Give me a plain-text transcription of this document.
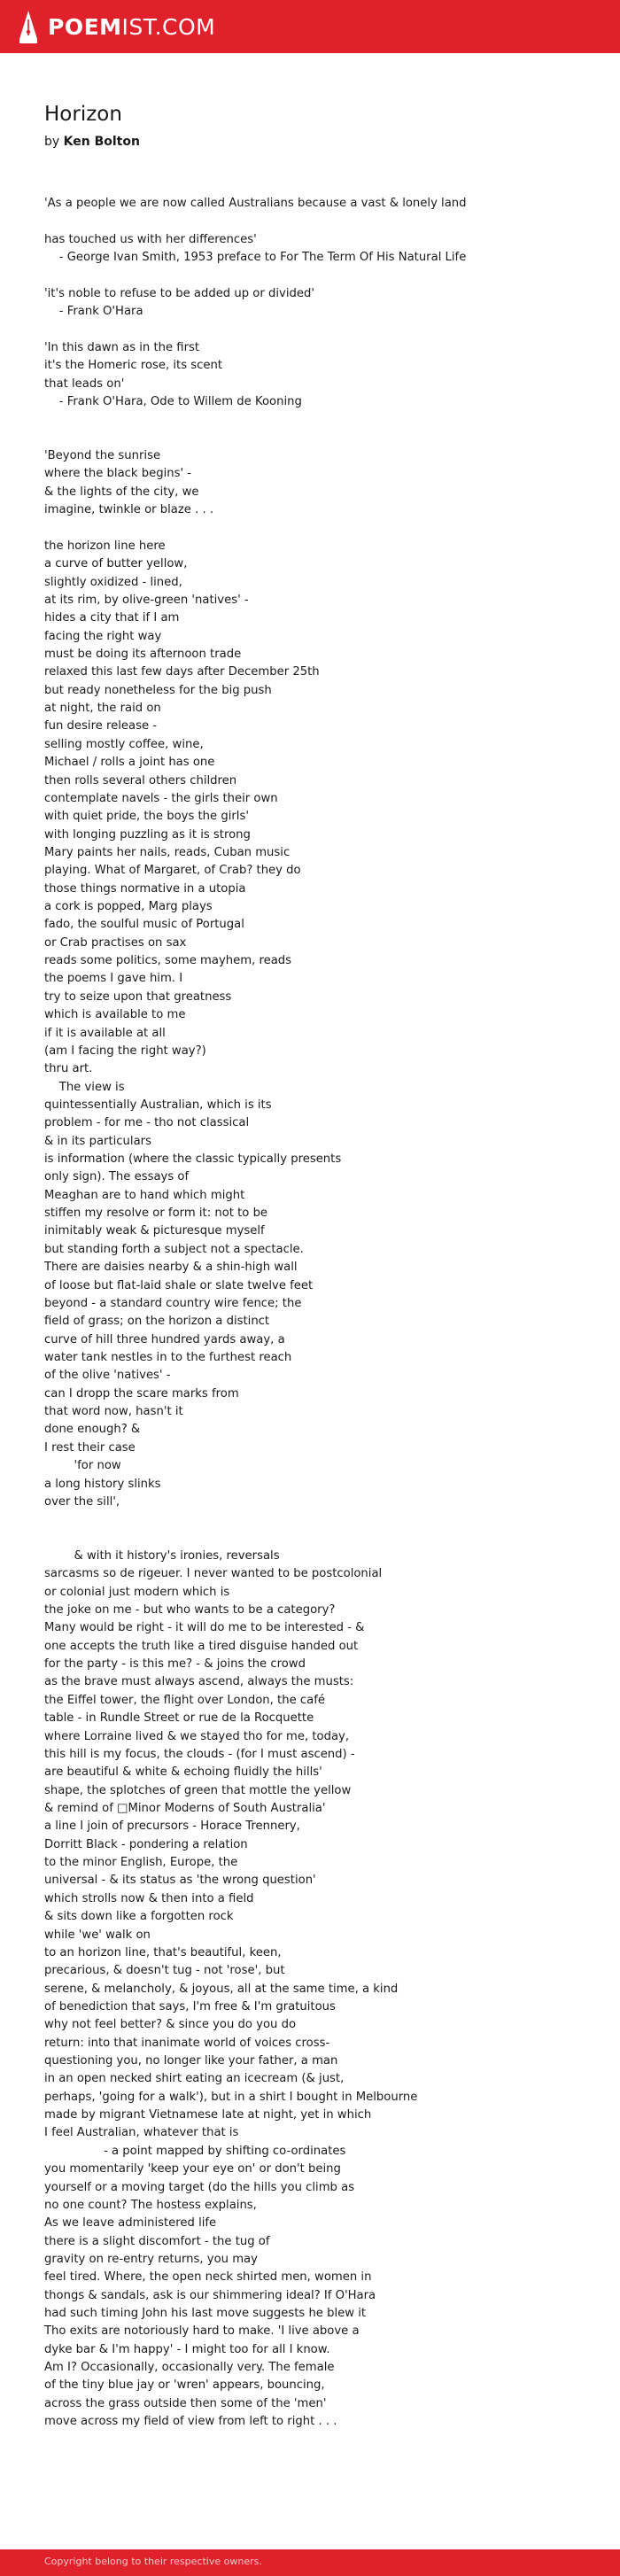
POEMIST.COM
Horizon
by Ken Bolton
'As a people we are now called Australians because a vast & lonely land
has touched us with her differences'
- George Ivan Smith, 1953 preface to For The Term Of His Natural Life
'it's noble to refuse to be added up or divided'
- Frank O'Hara
'In this dawn as in the first
it's the Homeric rose, its scent
that leads on'
- Frank O'Hara, Ode to Willem de Kooning
'Beyond the sunrise
where the black begins' -
& the lights of the city, we
imagine, twinkle or blaze . . .
the horizon line here
a curve of butter yellow,
slightly oxidized - lined,
at its rim, by olive-green 'natives' -
hides a city that if I am
facing the right way
must be doing its afternoon trade
relaxed this last few days after December 25th
but ready nonetheless for the big push
at night, the raid on
fun desire release -
selling mostly coffee, wine,
Michael / rolls a joint has one
then rolls several others children
contemplate navels - the girls their own
with quiet pride, the boys the girls'
with longing puzzling as it is strong
Mary paints her nails, reads, Cuban music
playing. What of Margaret, of Crab? they do
those things normative in a utopia
a cork is popped, Marg plays
fado, the soulful music of Portugal
or Crab practises on sax
reads some politics, some mayhem, reads
the poems I gave him. I
try to seize upon that greatness
which is available to me
if it is available at all
(am I facing the right way?)
thru art.
The view is
quintessentially Australian, which is its
problem - for me - tho not classical
& in its particulars
is information (where the classic typically presents
only sign). The essays of
Meaghan are to hand which might
stiffen my resolve or form it: not to be
inimitably weak & picturesque myself
but standing forth a subject not a spectacle.
There are daisies nearby & a shin-high wall
of loose but flat-laid shale or slate twelve feet
beyond - a standard country wire fence; the
field of grass; on the horizon a distinct
curve of hill three hundred yards away, a
water tank nestles in to the furthest reach
of the olive 'natives' -
can I dropp the scare marks from
that word now, hasn't it
done enough? &
I rest their case
'for now
a long history slinks
over the sill',
& with it history's ironies, reversals
sarcasms so de rigeuer. I never wanted to be postcolonial
or colonial just modern which is
the joke on me - but who wants to be a category?
Many would be right - it will do me to be interested - &
one accepts the truth like a tired disguise handed out
for the party - is this me? - & joins the crowd
as the brave must always ascend, always the musts:
the Eiffel tower, the flight over London, the café
table - in Rundle Street or rue de la Rocquette
where Lorraine lived & we stayed tho for me, today,
this hill is my focus, the clouds - (for I must ascend) -
are beautiful & white & echoing fluidly the hills'
shape, the splotches of green that mottle the yellow
& remind of □Minor Moderns of South Australia'
a line I join of precursors - Horace Trennery,
Dorritt Black - pondering a relation
to the minor English, Europe, the
universal - & its status as 'the wrong question'
which strolls now & then into a field
& sits down like a forgotten rock
while 'we' walk on
to an horizon line, that's beautiful, keen,
precarious, & doesn't tug - not 'rose', but
serene, & melancholy, & joyous, all at the same time, a kind
of benediction that says, I'm free & I'm gratuitous
why not feel better? & since you do you do
return: into that inanimate world of voices cross-
questioning you, no longer like your father, a man
in an open necked shirt eating an icecream (& just,
perhaps, 'going for a walk'), but in a shirt I bought in Melbourne
made by migrant Vietnamese late at night, yet in which
I feel Australian, whatever that is
- a point mapped by shifting co-ordinates
you momentarily 'keep your eye on' or don't being
yourself or a moving target (do the hills you climb as
no one count? The hostess explains,
As we leave administered life
there is a slight discomfort - the tug of
gravity on re-entry returns, you may
feel tired. Where, the open neck shirted men, women in
thongs & sandals, ask is our shimmering ideal? If O'Hara
had such timing John his last move suggests he blew it
Tho exits are notoriously hard to make. 'I live above a
dyke bar & I'm happy' - I might too for all I know.
Am I? Occasionally, occasionally very. The female
of the tiny blue jay or 'wren' appears, bouncing,
across the grass outside then some of the 'men'
move across my field of view from left to right . . .
Copyright belong to their respective owners.
